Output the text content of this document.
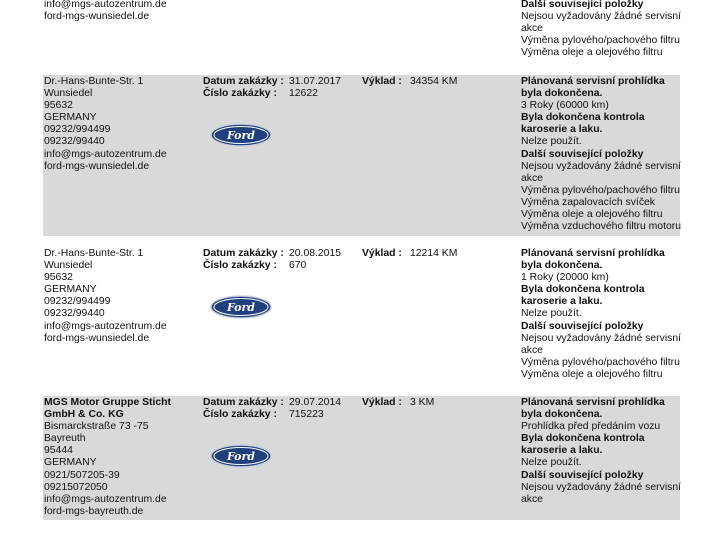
info@mgs-autozentrum.de
ford-mgs-wunsiedel.de
Další související položky
Nejsou vyžadovány žádné servisní akce
Výměna pylového/pachového filtru
Výměna oleje a olejového filtru
Dr.-Hans-Bunte-Str. 1
Wunsiedel
95632
GERMANY
09232/994499
09232/99440
info@mgs-autozentrum.de
ford-mgs-wunsiedel.de
Datum zakázky : 31.07.2017
Číslo zakázky :	12622
Výklad : 34354 KM
Ford
Plánovaná servisní prohlídka byla dokončena.
3 Roky (60000 km)
Byla dokončena kontrola karoserie a laku.
Nelze použít.
Další související položky
Nejsou vyžadovány žádné servisní akce
Výměna pylového/pachového filtru
Výměna zapalovacích svíček
Výměna oleje a olejového filtru
Výměna vzduchového filtru motoru
Dr.-Hans-Bunte-Str. 1
Wunsiedel
95632
GERMANY
09232/994499
09232/99440
info@mgs-autozentrum.de
ford-mgs-wunsiedel.de
Datum zakázky : 20.08.2015
Číslo zakázky :	670
Výklad : 12214 KM
Ford
Plánovaná servisní prohlídka byla dokončena.
1 Roky (20000 km)
Byla dokončena kontrola karoserie a laku.
Nelze použít.
Další související položky
Nejsou vyžadovány žádné servisní akce
Výměna pylového/pachového filtru
Výměna oleje a olejového filtru
MGS Motor Gruppe Sticht GmbH & Co. KG
Bismarckstraße 73 -75
Bayreuth
95444
GERMANY
0921/507205-39
09215072050
info@mgs-autozentrum.de
ford-mgs-bayreuth.de
Datum zakázky : 29.07.2014
Číslo zakázky :	715223
Výklad : 3 KM
Ford
Plánovaná servisní prohlídka byla dokončena.
Prohlídka před předáním vozu
Byla dokončena kontrola karoserie a laku.
Nelze použít.
Další související položky
Nejsou vyžadovány žádné servisní akce
